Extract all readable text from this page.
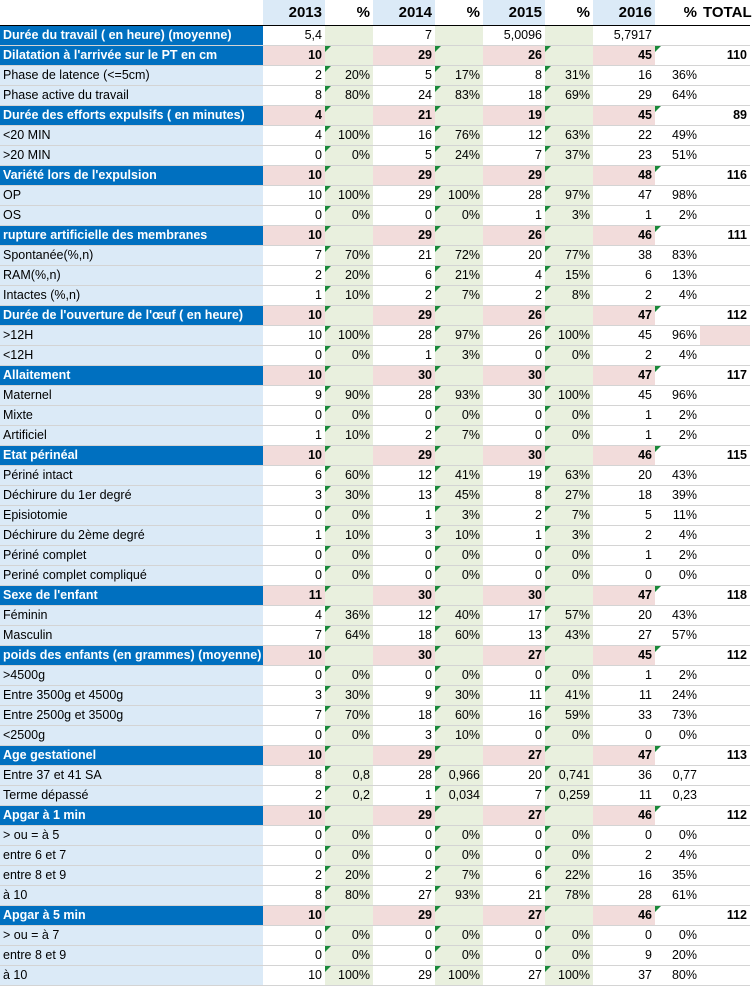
	2013	%	2014	%	2015	%	2016	%	TOTAL
Durée du travail ( en heure) (moyenne)	5,4		7		5,0096		5,7917		
Dilatation à l'arrivée sur le PT en cm	10		29		26		45		110
Phase de latence (<=5cm)	2	20%	5	17%	8	31%	16	36%	
Phase active du travail	8	80%	24	83%	18	69%	29	64%	
Durée des efforts expulsifs ( en minutes)	4		21		19		45		89
<20 MIN	4	100%	16	76%	12	63%	22	49%	
>20 MIN	0	0%	5	24%	7	37%	23	51%	
Variété lors de l'expulsion	10		29		29		48		116
OP	10	100%	29	100%	28	97%	47	98%	
OS	0	0%	0	0%	1	3%	1	2%	
rupture artificielle des membranes	10		29		26		46		111
Spontanée(%,n)	7	70%	21	72%	20	77%	38	83%	
RAM(%,n)	2	20%	6	21%	4	15%	6	13%	
Intactes (%,n)	1	10%	2	7%	2	8%	2	4%	
Durée de l'ouverture de l'œuf ( en heure)	10		29		26		47		112
>12H	10	100%	28	97%	26	100%	45	96%	
<12H	0	0%	1	3%	0	0%	2	4%	
Allaitement	10		30		30		47		117
Maternel	9	90%	28	93%	30	100%	45	96%	
Mixte	0	0%	0	0%	0	0%	1	2%	
Artificiel	1	10%	2	7%	0	0%	1	2%	
Etat périnéal	10		29		30		46		115
Périné intact	6	60%	12	41%	19	63%	20	43%	
Déchirure du 1er degré	3	30%	13	45%	8	27%	18	39%	
Episiotomie	0	0%	1	3%	2	7%	5	11%	
Déchirure du 2ème degré	1	10%	3	10%	1	3%	2	4%	
Périné complet	0	0%	0	0%	0	0%	1	2%	
Periné complet compliqué	0	0%	0	0%	0	0%	0	0%	
Sexe de l'enfant	11		30		30		47		118
Féminin	4	36%	12	40%	17	57%	20	43%	
Masculin	7	64%	18	60%	13	43%	27	57%	
poids des enfants (en grammes) (moyenne)	10		30		27		45		112
>4500g	0	0%	0	0%	0	0%	1	2%	
Entre 3500g et 4500g	3	30%	9	30%	11	41%	11	24%	
Entre 2500g et 3500g	7	70%	18	60%	16	59%	33	73%	
<2500g	0	0%	3	10%	0	0%	0	0%	
Age gestationel	10		29		27		47		113
Entre 37 et 41 SA	8	0,8	28	0,966	20	0,741	36	0,77	
Terme dépassé	2	0,2	1	0,034	7	0,259	11	0,23	
Apgar à 1 min	10		29		27		46		112
> ou = à 5	0	0%	0	0%	0	0%	0	0%	
entre 6 et 7	0	0%	0	0%	0	0%	2	4%	
entre 8 et 9	2	20%	2	7%	6	22%	16	35%	
à 10	8	80%	27	93%	21	78%	28	61%	
Apgar à 5 min	10		29		27		46		112
> ou = à 7	0	0%	0	0%	0	0%	0	0%	
entre 8 et 9	0	0%	0	0%	0	0%	9	20%	
à 10	10	100%	29	100%	27	100%	37	80%	
